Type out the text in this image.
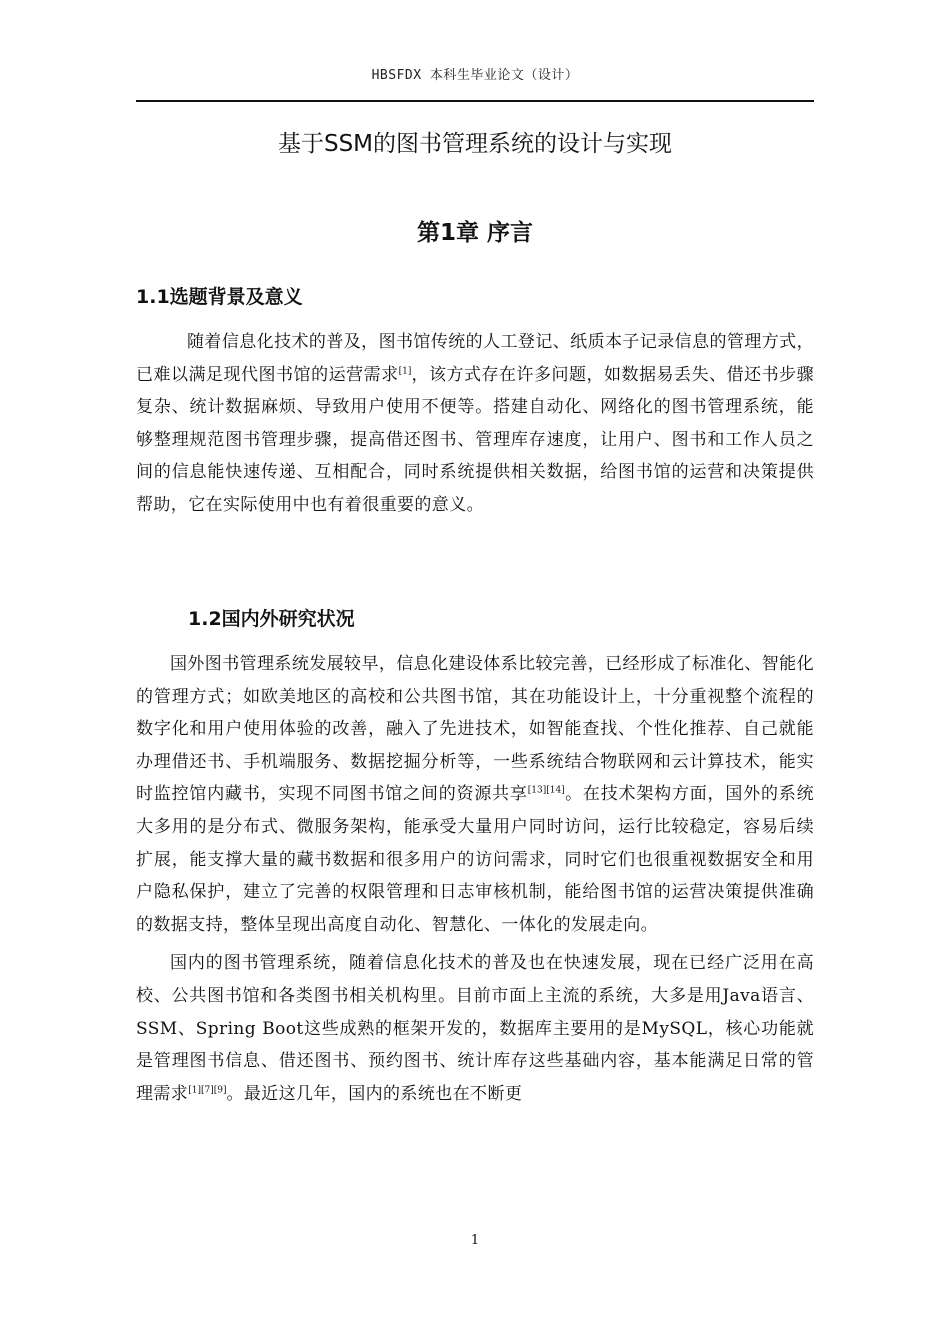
HBSFDX 本科生毕业论文（设计）
基于SSM的图书管理系统的设计与实现
第1章 序言
1.1选题背景及意义

随着信息化技术的普及，图书馆传统的人工登记、纸质本子记录信息的管理方式，已难以满足现代图书馆的运营需求[1]，该方式存在许多问题，如数据易丢失、借还书步骤复杂、统计数据麻烦、导致用户使用不便等。搭建自动化、网络化的图书管理系统，能够整理规范图书管理步骤，提高借还图书、管理库存速度，让用户、图书和工作人员之间的信息能快速传递、互相配合，同时系统提供相关数据，给图书馆的运营和决策提供帮助，它在实际使用中也有着很重要的意义。

1.2国内外研究状况

国外图书管理系统发展较早，信息化建设体系比较完善，已经形成了标准化、智能化的管理方式；如欧美地区的高校和公共图书馆，其在功能设计上，十分重视整个流程的数字化和用户使用体验的改善，融入了先进技术，如智能查找、个性化推荐、自己就能办理借还书、手机端服务、数据挖掘分析等，一些系统结合物联网和云计算技术，能实时监控馆内藏书，实现不同图书馆之间的资源共享[13][14]。在技术架构方面，国外的系统大多用的是分布式、微服务架构，能承受大量用户同时访问，运行比较稳定，容易后续扩展，能支撑大量的藏书数据和很多用户的访问需求，同时它们也很重视数据安全和用户隐私保护，建立了完善的权限管理和日志审核机制，能给图书馆的运营决策提供准确的数据支持，整体呈现出高度自动化、智慧化、一体化的发展走向。

国内的图书管理系统，随着信息化技术的普及也在快速发展，现在已经广泛用在高校、公共图书馆和各类图书相关机构里。目前市面上主流的系统，大多是用Java语言、SSM、Spring Boot这些成熟的框架开发的，数据库主要用的是MySQL，核心功能就是管理图书信息、借还图书、预约图书、统计库存这些基础内容，基本能满足日常的管理需求[1][7][9]。最近这几年，国内的系统也在不断更

1
